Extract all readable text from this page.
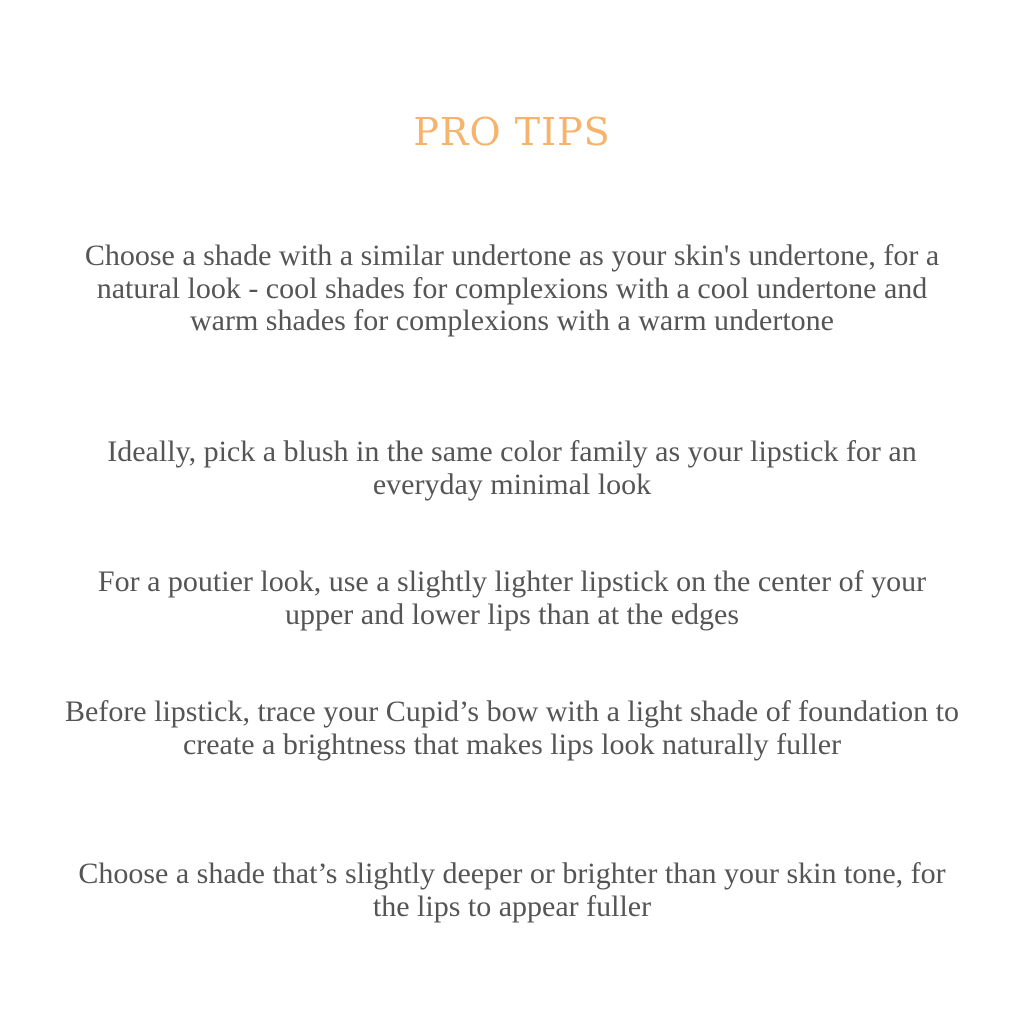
PRO TIPS

Choose a shade with a similar undertone as your skin's undertone, for a natural look - cool shades for complexions with a cool undertone and warm shades for complexions with a warm undertone

Ideally, pick a blush in the same color family as your lipstick for an everyday minimal look

For a poutier look, use a slightly lighter lipstick on the center of your upper and lower lips than at the edges

Before lipstick, trace your Cupid’s bow with a light shade of foundation to create a brightness that makes lips look naturally fuller

Choose a shade that’s slightly deeper or brighter than your skin tone, for the lips to appear fuller
